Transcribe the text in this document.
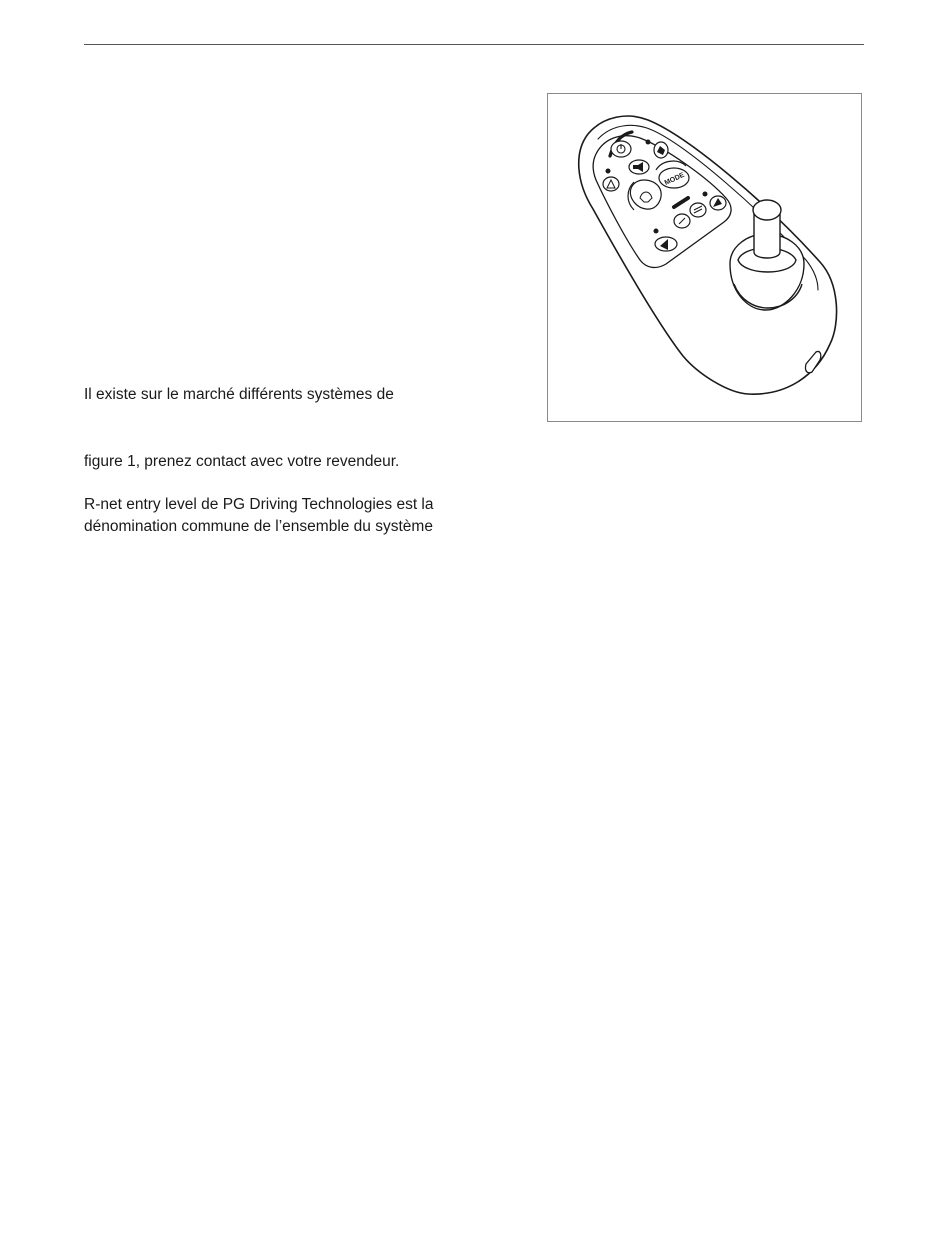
MODE

Il existe sur le marché différents systèmes de

figure 1, prenez contact avec votre revendeur.

R-net entry level de PG Driving Technologies est la
dénomination commune de l’ensemble du système
